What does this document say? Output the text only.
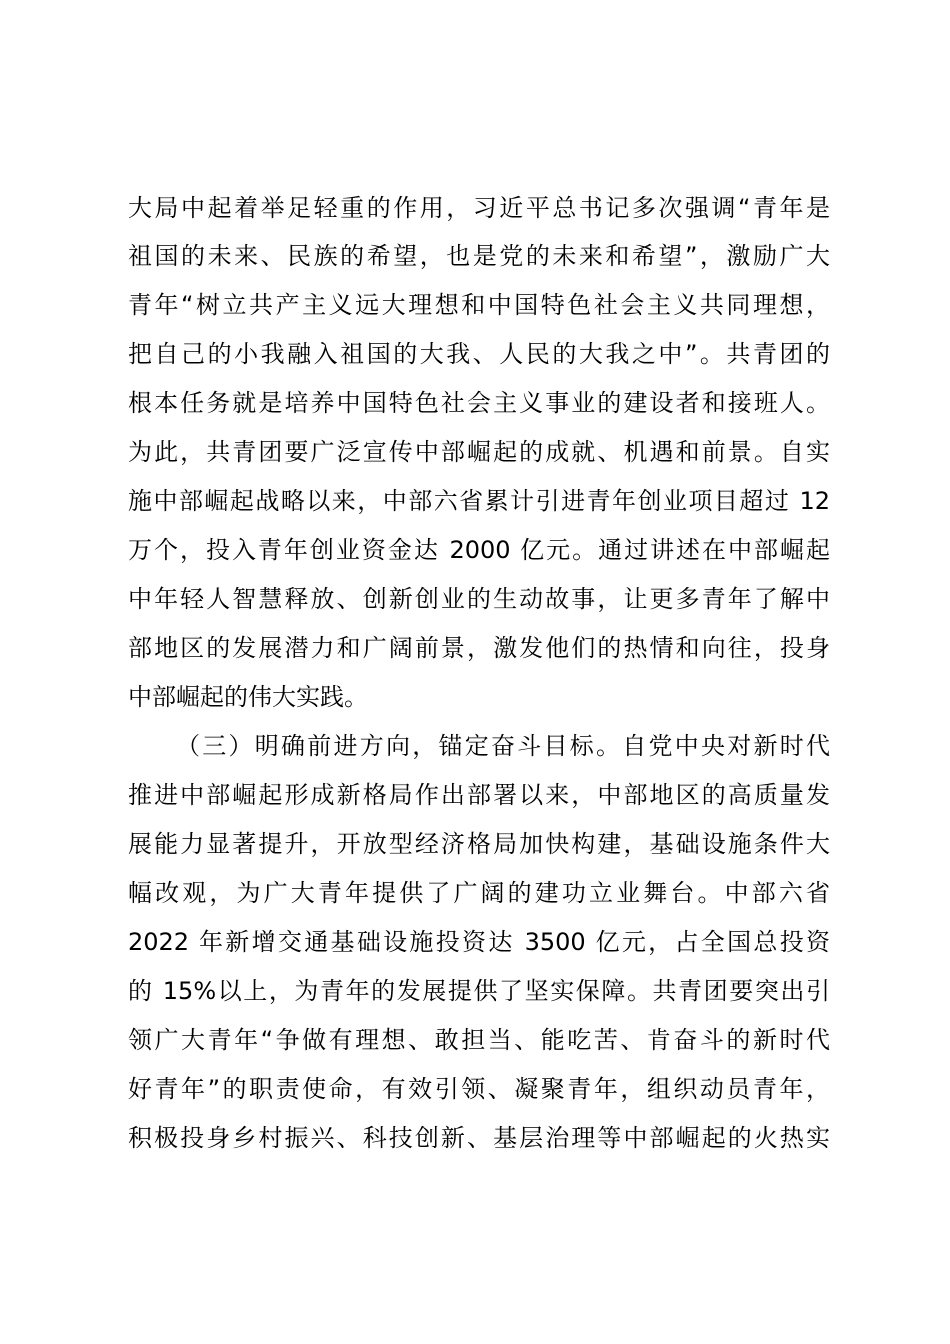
大局中起着举足轻重的作用，习近平总书记多次强调“青年是
祖国的未来、民族的希望，也是党的未来和希望”，激励广大
青年“树立共产主义远大理想和中国特色社会主义共同理想，
把自己的小我融入祖国的大我、人民的大我之中”。共青团的
根本任务就是培养中国特色社会主义事业的建设者和接班人。
为此，共青团要广泛宣传中部崛起的成就、机遇和前景。自实
施中部崛起战略以来，中部六省累计引进青年创业项目超过 12
万个，投入青年创业资金达 2000 亿元。通过讲述在中部崛起
中年轻人智慧释放、创新创业的生动故事，让更多青年了解中
部地区的发展潜力和广阔前景，激发他们的热情和向往，投身
中部崛起的伟大实践。
（三）明确前进方向，锚定奋斗目标。自党中央对新时代
推进中部崛起形成新格局作出部署以来，中部地区的高质量发
展能力显著提升，开放型经济格局加快构建，基础设施条件大
幅改观，为广大青年提供了广阔的建功立业舞台。中部六省
2022 年新增交通基础设施投资达 3500 亿元，占全国总投资
的 15%以上，为青年的发展提供了坚实保障。共青团要突出引
领广大青年“争做有理想、敢担当、能吃苦、肯奋斗的新时代
好青年”的职责使命，有效引领、凝聚青年，组织动员青年，
积极投身乡村振兴、科技创新、基层治理等中部崛起的火热实
